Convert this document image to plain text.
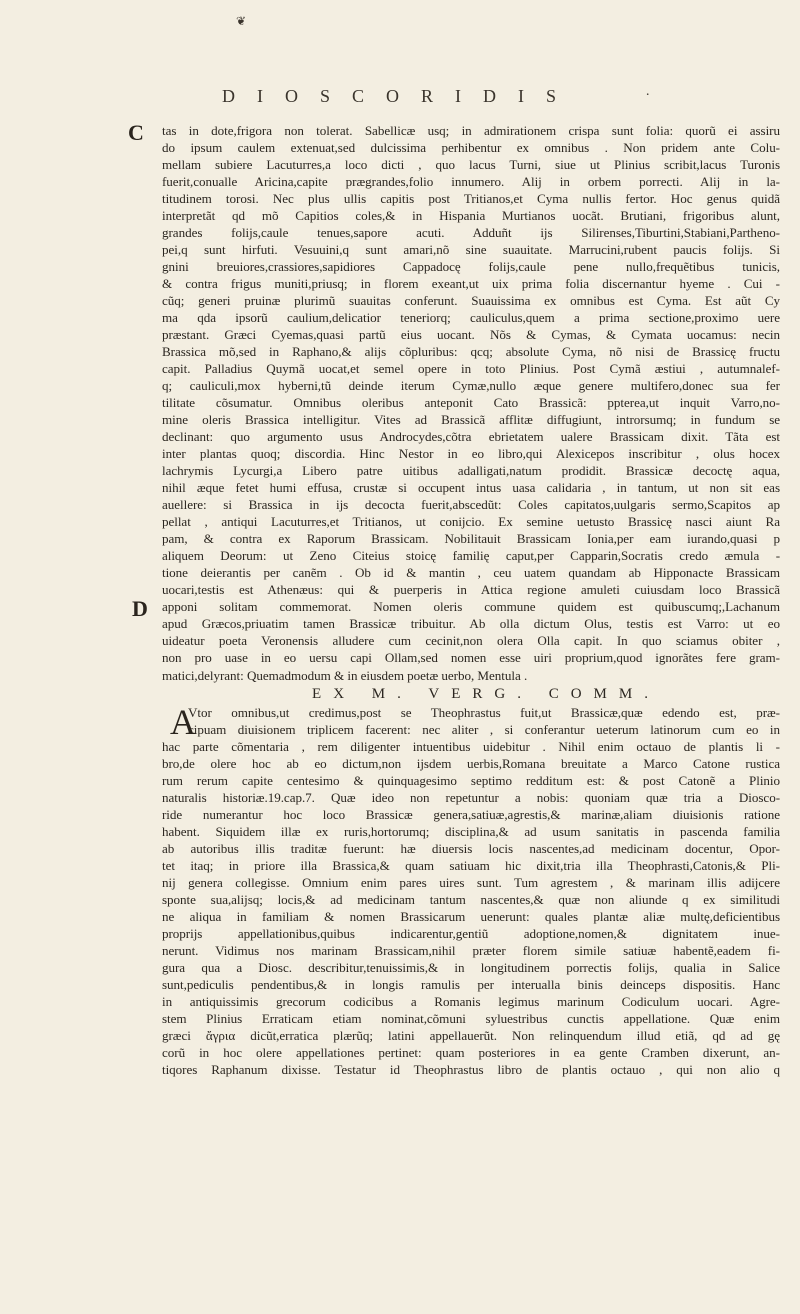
❦
DIOSCORIDIS	·
C
D
tas in dote,frigora non tolerat. Sabellicæ usq; in admirationem crispa sunt folia: quorũ ei assiru
do ipsum caulem extenuat,sed dulcissima perhibentur ex omnibus . Non pridem ante Colu-
mellam subiere Lacuturres,a loco dicti , quo lacus Turni, siue ut Plinius scribit,lacus Turonis
fuerit,conualle Aricina,capite prægrandes,folio innumero. Alij in orbem porrecti. Alij in la-
titudinem torosi. Nec plus ullis capitis post Tritianos,et Cyma nullis fertor. Hoc genus quidã
interpretãt qd mõ Capitios coles,& in Hispania Murtianos uocãt. Brutiani, frigoribus alunt,
grandes folijs,caule tenues,sapore acuti. Adduñt ijs Silirenses,Tiburtini,Stabiani,Partheno-
pei,q sunt hirfuti. Vesuuini,q sunt amari,nõ sine suauitate. Marrucini,rubent paucis folijs. Si
gnini breuiores,crassiores,sapidiores Cappadocę folijs,caule pene nullo,frequẽtibus tunicis,
& contra frigus muniti,priusq; in florem exeant,ut uix prima folia discernantur hyeme . Cui -
cũq; generi pruinæ plurimũ suauitas conferunt. Suauissima ex omnibus est Cyma. Est aũt Cy
ma qda ipsorũ caulium,delicatior teneriorq; cauliculus,quem a prima sectione,proximo uere
præstant. Græci Cyemas,quasi partũ eius uocant. Nõs & Cymas, & Cymata uocamus: necin
Brassica mõ,sed in Raphano,& alijs cõpluribus: qcq; absolute Cyma, nõ nisi de Brassicę fructu
capit. Palladius Quymã uocat,et semel opere in toto Plinius. Post Cymã æstiui , autumnalef-
q; cauliculi,mox hyberni,tũ deinde iterum Cymæ,nullo æque genere multifero,donec sua fer
tilitate cõsumatur. Omnibus oleribus anteponit Cato Brassicã: ppterea,ut inquit Varro,no-
mine oleris Brassica intelligitur. Vites ad Brassicã afflitæ diffugiunt, introrsumq; in fundum se
declinant: quo argumento usus Androcydes,cõtra ebrietatem ualere Brassicam dixit. Tãta est
inter plantas quoq; discordia. Hinc Nestor in eo libro,qui Alexicepos inscribitur , olus hocex
lachrymis Lycurgi,a Libero patre uitibus adalligati,natum prodidit. Brassicæ decoctę aqua,
nihil æque fetet humi effusa, crustæ si occupent intus uasa calidaria , in tantum, ut non sit eas
auellere: si Brassica in ijs decocta fuerit,abscedũt: Coles capitatos,uulgaris sermo,Scapitos ap
pellat , antiqui Lacuturres,et Tritianos, ut conijcio. Ex semine uetusto Brassicę nasci aiunt Ra
pam, & contra ex Raporum Brassicam. Nobilitauit Brassicam Ionia,per eam iurando,quasi p
aliquem Deorum: ut Zeno Citeius stoicę familię caput,per Capparin,Socratis credo æmula -
tione deierantis per canẽm . Ob id & mantin , ceu uatem quandam ab Hipponacte Brassicam
uocari,testis est Athenæus: qui & puerperis in Attica regione amuleti cuiusdam loco Brassicã
apponi solitam commemorat. Nomen oleris commune quidem est quibuscumq;,Lachanum
apud Græcos,priuatim tamen Brassicæ tribuitur. Ab olla dictum Olus, testis est Varro: ut eo
uideatur poeta Veronensis alludere cum cecinit,non olera Olla capit. In quo sciamus obiter ,
non pro uase in eo uersu capi Ollam,sed nomen esse uiri proprium,quod ignorãtes fere gram-
matici,delyrant: Quemadmodum & in eiusdem poetæ uerbo, Mentula .
EX M. VERG. COMM.
A
Vtor omnibus,ut credimus,post se Theophrastus fuit,ut Brassicæ,quæ edendo est, præ-
cipuam diuisionem triplicem facerent: nec aliter , si conferantur ueterum latinorum cum eo in
hac parte cõmentaria , rem diligenter intuentibus uidebitur . Nihil enim octauo de plantis li -
bro,de olere hoc ab eo dictum,non ijsdem uerbis,Romana breuitate a Marco Catone rustica
rum rerum capite centesimo & quinquagesimo septimo redditum est: & post Catonẽ a Plinio
naturalis historiæ.19.cap.7. Quæ ideo non repetuntur a nobis: quoniam quæ tria a Diosco-
ride numerantur hoc loco Brassicæ genera,satiuæ,agrestis,& marinæ,aliam diuisionis ratione
habent. Siquidem illæ ex ruris,hortorumq; disciplina,& ad usum sanitatis in pascenda familia
ab autoribus illis traditæ fuerunt: hæ diuersis locis nascentes,ad medicinam docentur, Opor-
tet itaq; in priore illa Brassica,& quam satiuam hic dixit,tria illa Theophrasti,Catonis,& Pli-
nij genera collegisse. Omnium enim pares uires sunt. Tum agrestem , & marinam illis adijcere
sponte sua,alijsq; locis,& ad medicinam tantum nascentes,& quæ non aliunde q ex similitudi
ne aliqua in familiam & nomen Brassicarum uenerunt: quales plantæ aliæ multę,deficientibus
proprijs appellationibus,quibus indicarentur,gentiũ adoptione,nomen,& dignitatem inue-
nerunt. Vidimus nos marinam Brassicam,nihil præter florem simile satiuæ habentẽ,eadem fi-
gura qua a Diosc. describitur,tenuissimis,& in longitudinem porrectis folijs, qualia in Salice
sunt,pediculis pendentibus,& in longis ramulis per interualla binis deinceps dispositis. Hanc
in antiquissimis grecorum codicibus a Romanis legimus marinum Codiculum uocari. Agre-
stem Plinius Erraticam etiam nominat,cõmuni syluestribus cunctis appellatione. Quæ enim
græci ἄγρια dicũt,erratica plærũq; latini appellauerũt. Non relinquendum illud etiã, qd ad gę
corũ in hoc olere appellationes pertinet: quam posteriores in ea gente Cramben dixerunt, an-
tiqores Raphanum dixisse. Testatur id Theophrastus libro de plantis octauo , qui non alio q
